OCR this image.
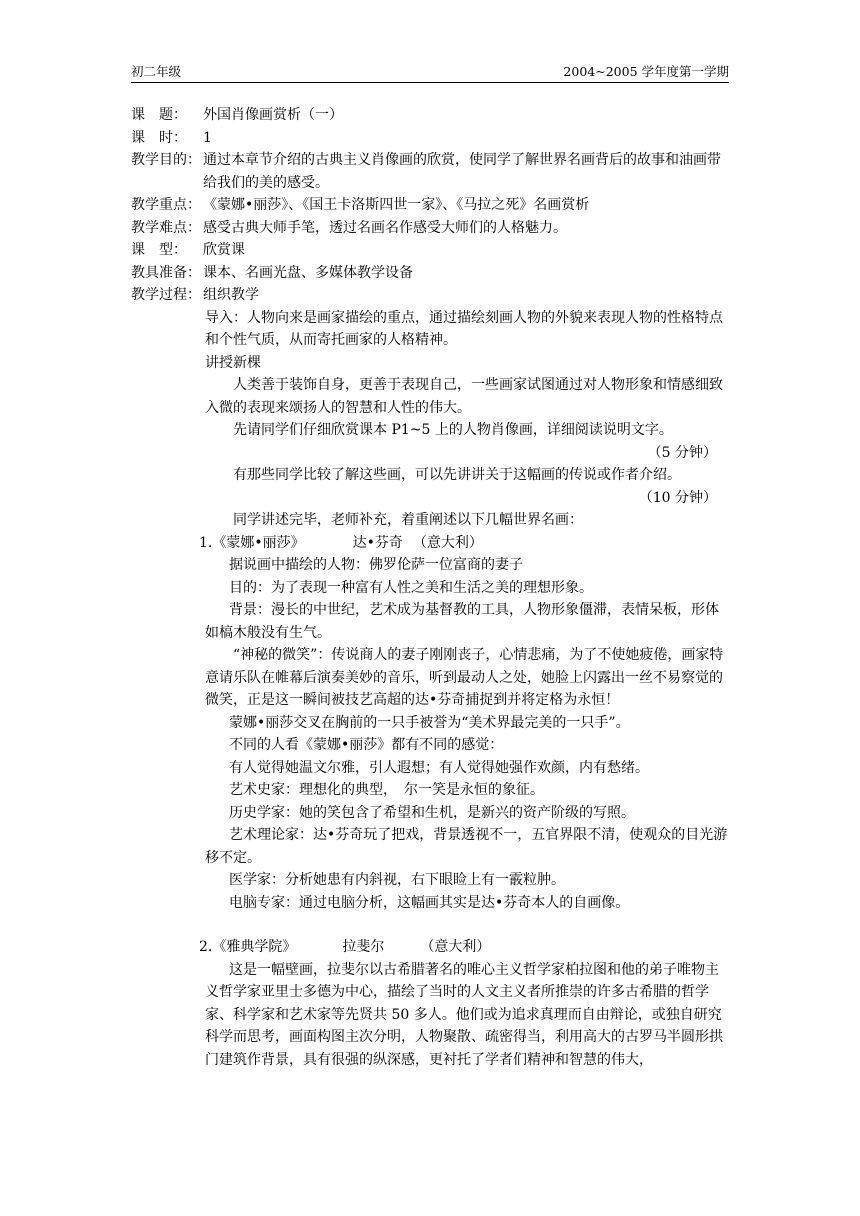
初二年级	2004~2005 学年度第一学期
课　题：	外国肖像画赏析（一）
课　时：	1
教学目的： 通过本章节介绍的古典主义肖像画的欣赏，使同学了解世界名画背后的故事和油画带给我们的美的感受。
教学重点： 《蒙娜•丽莎》、《国王卡洛斯四世一家》、《马拉之死》名画赏析
教学难点： 感受古典大师手笔，透过名画名作感受大师们的人格魅力。
课　型：	欣赏课
教具准备： 课本、名画光盘、多媒体教学设备
教学过程： 组织教学

导入：人物向来是画家描绘的重点，通过描绘刻画人物的外貌来表现人物的性格特点和个性气质，从而寄托画家的人格精神。

讲授新棵

人类善于装饰自身，更善于表现自己，一些画家试图通过对人物形象和情感细致入微的表现来颂扬人的智慧和人性的伟大。

先请同学们仔细欣赏课本 P1~5 上的人物肖像画，详细阅读说明文字。

（5 分钟）

有那些同学比较了解这些画，可以先讲讲关于这幅画的传说或作者介绍。

（10 分钟）

同学讲述完毕，老师补充，着重阐述以下几幅世界名画：

1.《蒙娜•丽莎》	达•芬奇 （意大利）

据说画中描绘的人物：佛罗伦萨一位富商的妻子

目的：为了表现一种富有人性之美和生活之美的理想形象。

背景：漫长的中世纪，艺术成为基督教的工具，人物形象僵滞，表情呆板，形体如槁木般没有生气。

“神秘的微笑”：传说商人的妻子刚刚丧子，心情悲痛，为了不使她疲倦，画家特意请乐队在帷幕后演奏美妙的音乐，听到最动人之处，她脸上闪露出一丝不易察觉的微笑，正是这一瞬间被技艺高超的达•芬奇捕捉到并将定格为永恒！

蒙娜•丽莎交叉在胸前的一只手被誉为“美术界最完美的一只手”。

不同的人看《蒙娜•丽莎》都有不同的感觉：

有人觉得她温文尔雅，引人遐想；有人觉得她强作欢颜，内有愁绪。

艺术史家：理想化的典型，　尔一笑是永恒的象征。

历史学家：她的笑包含了希望和生机，是新兴的资产阶级的写照。

艺术理论家：达•芬奇玩了把戏，背景透视不一，五官界限不清，使观众的目光游移不定。

医学家：分析她患有内斜视，右下眼睑上有一霰粒肿。

电脑专家：通过电脑分析，这幅画其实是达•芬奇本人的自画像。

2.《雅典学院》	拉斐尔	（意大利）

这是一幅壁画，拉斐尔以古希腊著名的唯心主义哲学家柏拉图和他的弟子唯物主义哲学家亚里士多德为中心，描绘了当时的人文主义者所推崇的许多古希腊的哲学家、科学家和艺术家等先贤共 50 多人。他们或为追求真理而自由辩论，或独自研究科学而思考，画面构图主次分明，人物聚散、疏密得当，利用高大的古罗马半圆形拱门建筑作背景，具有很强的纵深感，更衬托了学者们精神和智慧的伟大，
